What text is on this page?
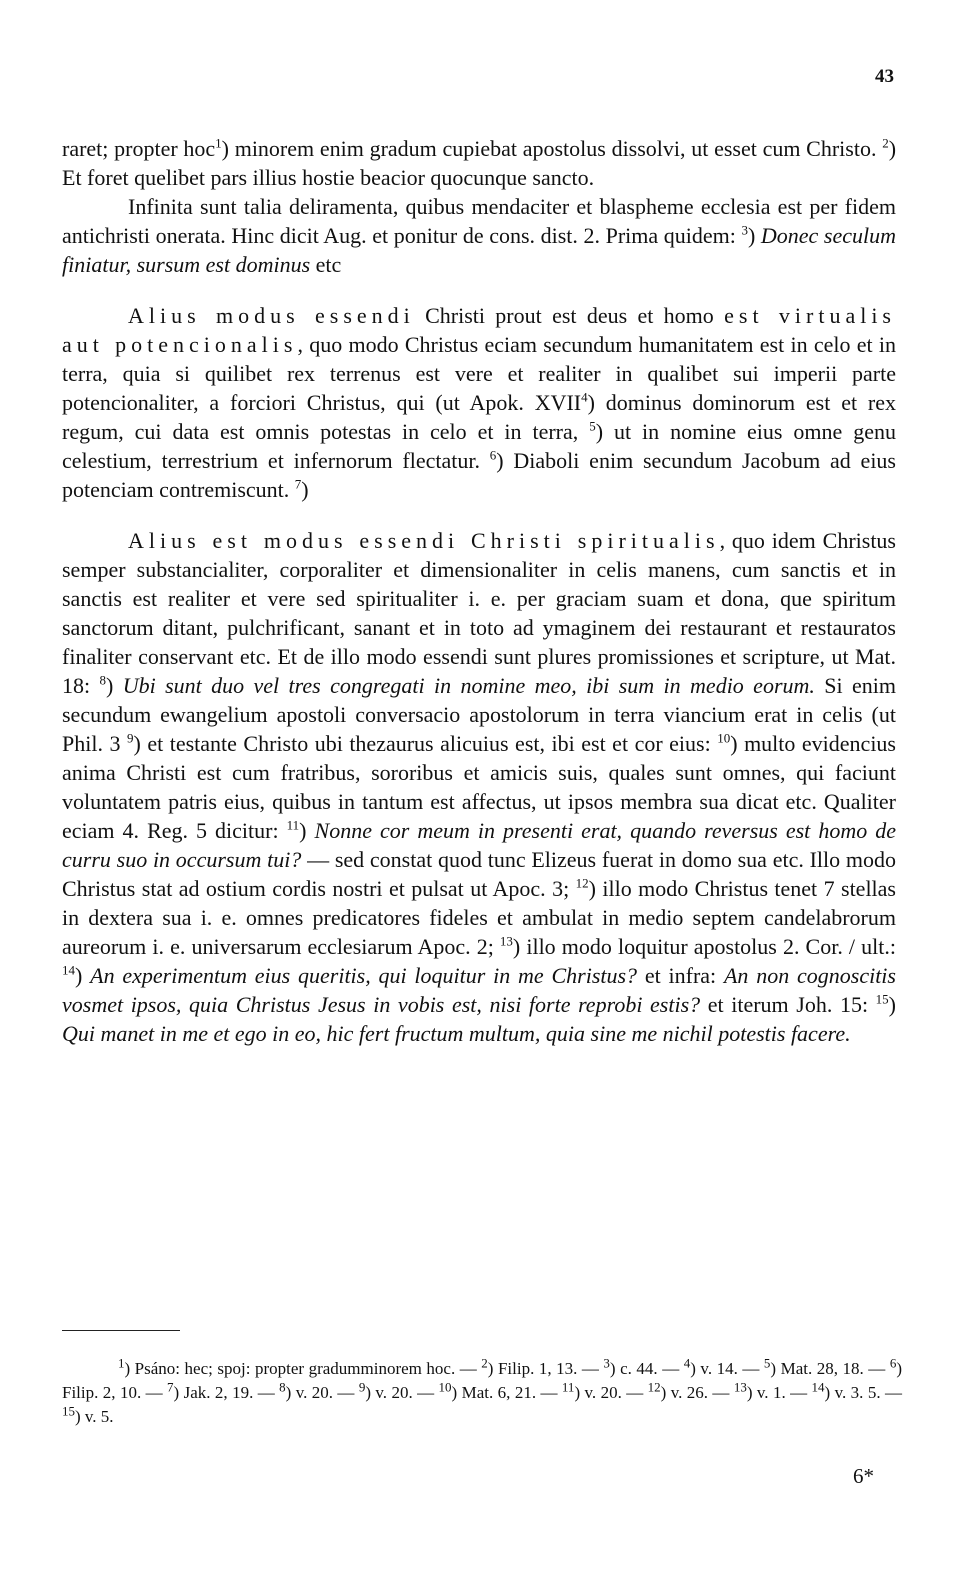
43

raret; propter hoc$^1$) minorem enim gradum cupiebat apostolus dissolvi, ut esset cum Christo. $^2$) Et foret quelibet pars illius hostie beacior quocunque sancto.

Infinita sunt talia deliramenta, quibus mendaciter et blaspheme ecclesia est per fidem antichristi onerata. Hinc dicit Aug. et ponitur de cons. dist. 2. Prima quidem: $^3$) Donec seculum finiatur, sursum est dominus etc

Alius modus essendi Christi prout est deus et homo est virtualis aut potencionalis, quo modo Christus eciam secundum humanitatem est in celo et in terra, quia si quilibet rex terrenus est vere et realiter in qualibet sui imperii parte potencionaliter, a forciori Christus, qui (ut Apok. XVII$^4$) dominus dominorum est et rex regum, cui data est omnis potestas in celo et in terra, $^5$) ut in nomine eius omne genu celestium, terrestrium et infernorum flectatur. $^6$) Diaboli enim secundum Jacobum ad eius potenciam contremiscunt. $^7$)

Alius est modus essendi Christi spiritualis, quo idem Christus semper substancialiter, corporaliter et dimensionaliter in celis manens, cum sanctis et in sanctis est realiter et vere sed spiritualiter i. e. per graciam suam et dona, que spiritum sanctorum ditant, pulchrificant, sanant et in toto ad ymaginem dei restaurant et restauratos finaliter conservant etc. Et de illo modo essendi sunt plures promissiones et scripture, ut Mat. 18: $^8$) Ubi sunt duo vel tres congregati in nomine meo, ibi sum in medio eorum. Si enim secundum ewangelium apostoli conversacio apostolorum in terra viancium erat in celis (ut Phil. 3 $^9$) et testante Christo ubi thezaurus alicuius est, ibi est et cor eius: $^{10}$) multo evidencius anima Christi est cum fratribus, sororibus et amicis suis, quales sunt omnes, qui faciunt voluntatem patris eius, quibus in tantum est affectus, ut ipsos membra sua dicat etc. Qualiter eciam 4. Reg. 5 dicitur: $^{11}$) Nonne cor meum in presenti erat, quando reversus est homo de curru suo in occursum tui? — sed constat quod tunc Elizeus fuerat in domo sua etc. Illo modo Christus stat ad ostium cordis nostri et pulsat ut Apoc. 3; $^{12}$) illo modo Christus tenet 7 stellas in dextera sua i. e. omnes predicatores fideles et ambulat in medio septem candelabrorum aureorum i. e. universarum ecclesiarum Apoc. 2; $^{13}$) illo modo loquitur apostolus 2. Cor. / ult.: $^{14}$) An experimentum eius queritis, qui loquitur in me Christus? et infra: An non cognoscitis vosmet ipsos, quia Christus Jesus in vobis est, nisi forte reprobi estis? et iterum Joh. 15: $^{15}$) Qui manet in me et ego in eo, hic fert fructum multum, quia sine me nichil potestis facere.

$^1$) Psáno: hec; spoj: propter gradumminorem hoc. — $^2$) Filip. 1, 13. — $^3$) c. 44. — $^4$) v. 14. — $^5$) Mat. 28, 18. — $^6$) Filip. 2, 10. — $^7$) Jak. 2, 19. — $^8$) v. 20. — $^9$) v. 20. — $^{10}$) Mat. 6, 21. — $^{11}$) v. 20. — $^{12}$) v. 26. — $^{13}$) v. 1. — $^{14}$) v. 3. 5. — $^{15}$) v. 5.

6*
